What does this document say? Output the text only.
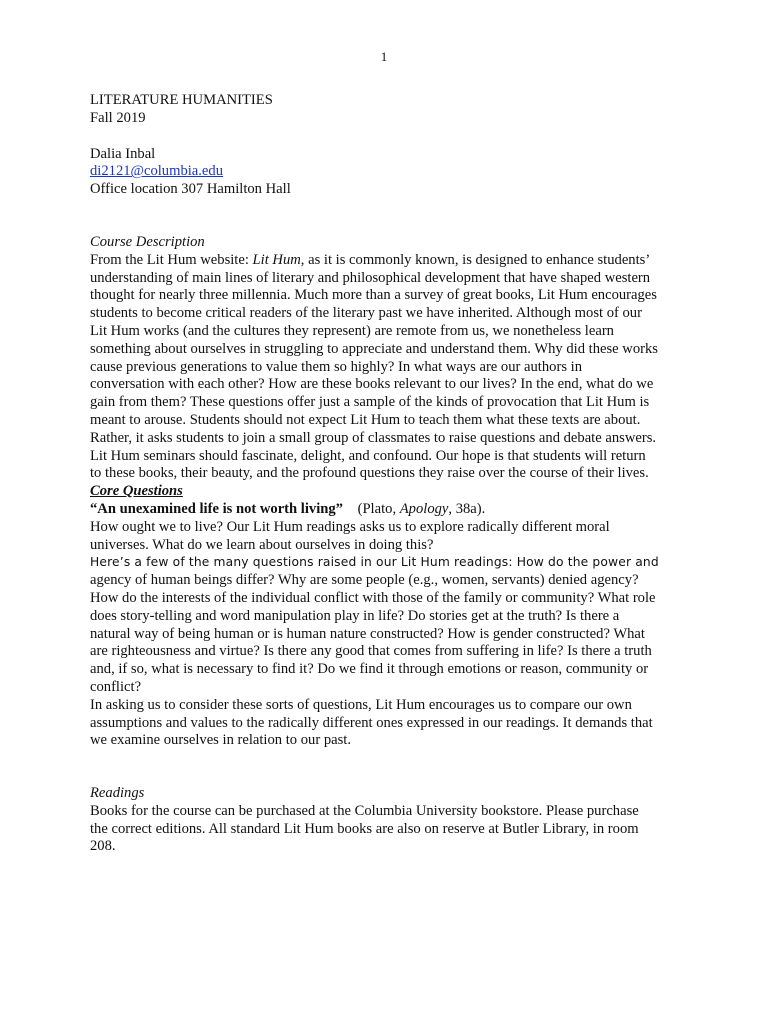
1
LITERATURE HUMANITIES
Fall 2019
Dalia Inbal
di2121@columbia.edu
Office location 307 Hamilton Hall
Course Description
From the Lit Hum website: Lit Hum, as it is commonly known, is designed to enhance students’
understanding of main lines of literary and philosophical development that have shaped western
thought for nearly three millennia. Much more than a survey of great books, Lit Hum encourages
students to become critical readers of the literary past we have inherited. Although most of our
Lit Hum works (and the cultures they represent) are remote from us, we nonetheless learn
something about ourselves in struggling to appreciate and understand them. Why did these works
cause previous generations to value them so highly? In what ways are our authors in
conversation with each other? How are these books relevant to our lives? In the end, what do we
gain from them? These questions offer just a sample of the kinds of provocation that Lit Hum is
meant to arouse. Students should not expect Lit Hum to teach them what these texts are about.
Rather, it asks students to join a small group of classmates to raise questions and debate answers.
Lit Hum seminars should fascinate, delight, and confound. Our hope is that students will return
to these books, their beauty, and the profound questions they raise over the course of their lives.
Core Questions
“An unexamined life is not worth living”    (Plato, Apology, 38a).
How ought we to live? Our Lit Hum readings asks us to explore radically different moral
universes. What do we learn about ourselves in doing this?
Here’s a few of the many questions raised in our Lit Hum readings: How do the power and
agency of human beings differ? Why are some people (e.g., women, servants) denied agency?
How do the interests of the individual conflict with those of the family or community? What role
does story-telling and word manipulation play in life? Do stories get at the truth? Is there a
natural way of being human or is human nature constructed? How is gender constructed? What
are righteousness and virtue? Is there any good that comes from suffering in life? Is there a truth
and, if so, what is necessary to find it? Do we find it through emotions or reason, community or
conflict?
In asking us to consider these sorts of questions, Lit Hum encourages us to compare our own
assumptions and values to the radically different ones expressed in our readings. It demands that
we examine ourselves in relation to our past.
Readings
Books for the course can be purchased at the Columbia University bookstore. Please purchase
the correct editions. All standard Lit Hum books are also on reserve at Butler Library, in room
208.
